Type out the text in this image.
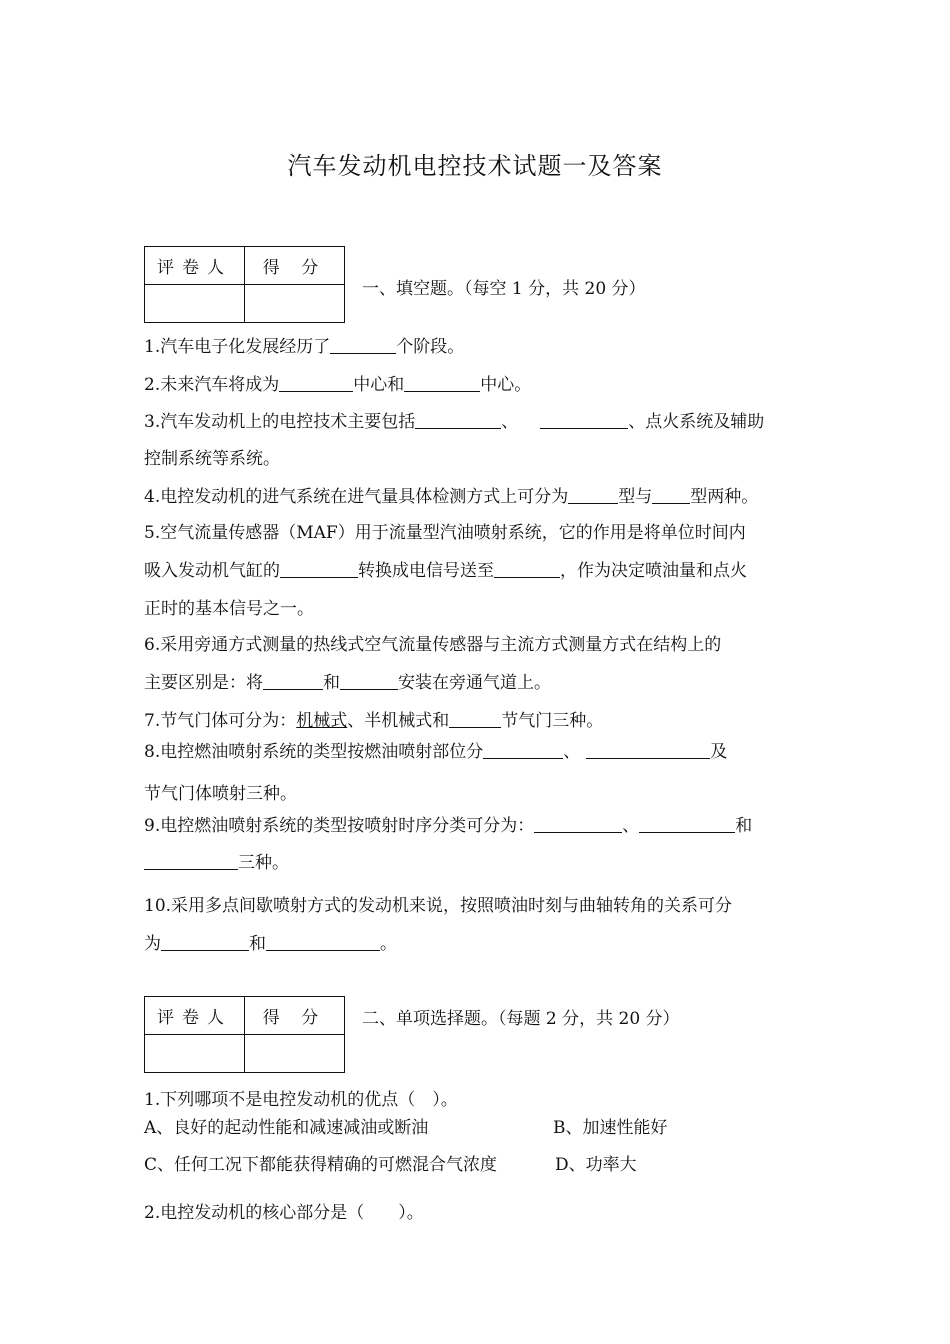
汽车发动机电控技术试题一及答案
评卷人	得 分

一、填空题。（每空 1 分，共 20 分）
1.汽车电子化发展经历了	个阶段。
2.未来汽车将成为	中心和	中心。
3.汽车发动机上的电控技术主要包括	、	、点火系统及辅助
控制系统等系统。
4.电控发动机的进气系统在进气量具体检测方式上可分为	型与 型两种。
5.空气流量传感器（MAF）用于流量型汽油喷射系统，它的作用是将单位时间内
吸入发动机气缸的	转换成电信号送至	，作为决定喷油量和点火
正时的基本信号之一。
6.采用旁通方式测量的热线式空气流量传感器与主流方式测量方式在结构上的
主要区别是：将	和	安装在旁通气道上。
7.节气门体可分为：机械式、半机械式和	节气门三种。
8.电控燃油喷射系统的类型按燃油喷射部位分	、	及
节气门体喷射三种。
9.电控燃油喷射系统的类型按喷射时序分类可分为：	、	和
三种。
10.采用多点间歇喷射方式的发动机来说，按照喷油时刻与曲轴转角的关系可分
为	和	。
评卷人	得 分
	二、单项选择题。（每题 2 分，共 20 分）
1.下列哪项不是电控发动机的优点（　）。
A、良好的起动性能和减速减油或断油	B、加速性能好
C、任何工况下都能获得精确的可燃混合气浓度	D、功率大
2.电控发动机的核心部分是（　　）。
